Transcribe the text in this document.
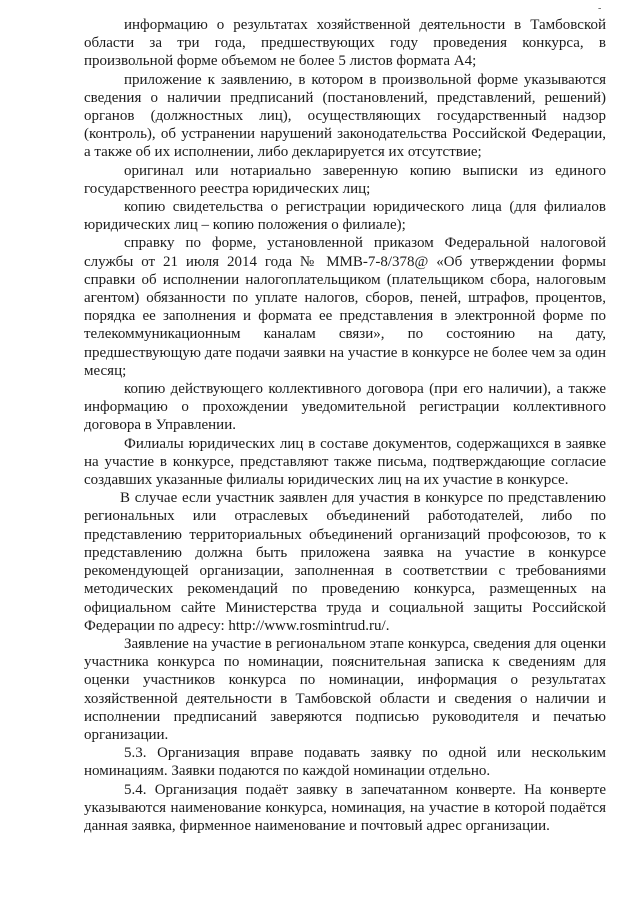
-

информацию о результатах хозяйственной деятельности в Тамбовской области за три года, предшествующих году проведения конкурса, в произвольной форме объемом не более 5 листов формата А4;

приложение к заявлению, в котором в произвольной форме указываются сведения о наличии предписаний (постановлений, представлений, решений) органов (должностных лиц), осуществляющих государственный надзор (контроль), об устранении нарушений законодательства Российской Федерации, а также об их исполнении, либо декларируется их отсутствие;

оригинал или нотариально заверенную копию выписки из единого государственного реестра юридических лиц;

копию свидетельства о регистрации юридического лица (для филиалов юридических лиц – копию положения о филиале);

справку по форме, установленной приказом Федеральной налоговой службы от 21 июля 2014 года № ММВ-7-8/378@ «Об утверждении формы справки об исполнении налогоплательщиком (плательщиком сбора, налоговым агентом) обязанности по уплате налогов, сборов, пеней, штрафов, процентов, порядка ее заполнения и формата ее представления в электронной форме по телекоммуникационным каналам связи», по состоянию на дату, предшествующую дате подачи заявки на участие в конкурсе не более чем за один месяц;

копию действующего коллективного договора (при его наличии), а также информацию о прохождении уведомительной регистрации коллективного договора в Управлении.

Филиалы юридических лиц в составе документов, содержащихся в заявке на участие в конкурсе, представляют также письма, подтверждающие согласие создавших указанные филиалы юридических лиц на их участие в конкурсе.

В случае если участник заявлен для участия в конкурсе по представлению региональных или отраслевых объединений работодателей, либо по представлению территориальных объединений организаций профсоюзов, то к представлению должна быть приложена заявка на участие в конкурсе рекомендующей организации, заполненная в соответствии с требованиями методических рекомендаций по проведению конкурса, размещенных на официальном сайте Министерства труда и социальной защиты Российской Федерации по адресу: http://www.rosmintrud.ru/.

Заявление на участие в региональном этапе конкурса, сведения для оценки участника конкурса по номинации, пояснительная записка к сведениям для оценки участников конкурса по номинации, информация о результатах хозяйственной деятельности в Тамбовской области и сведения о наличии и исполнении предписаний заверяются подписью руководителя и печатью организации.

5.3. Организация вправе подавать заявку по одной или нескольким номинациям. Заявки подаются по каждой номинации отдельно.

5.4. Организация подаёт заявку в запечатанном конверте. На конверте указываются наименование конкурса, номинация, на участие в которой подаётся данная заявка, фирменное наименование и почтовый адрес организации.
